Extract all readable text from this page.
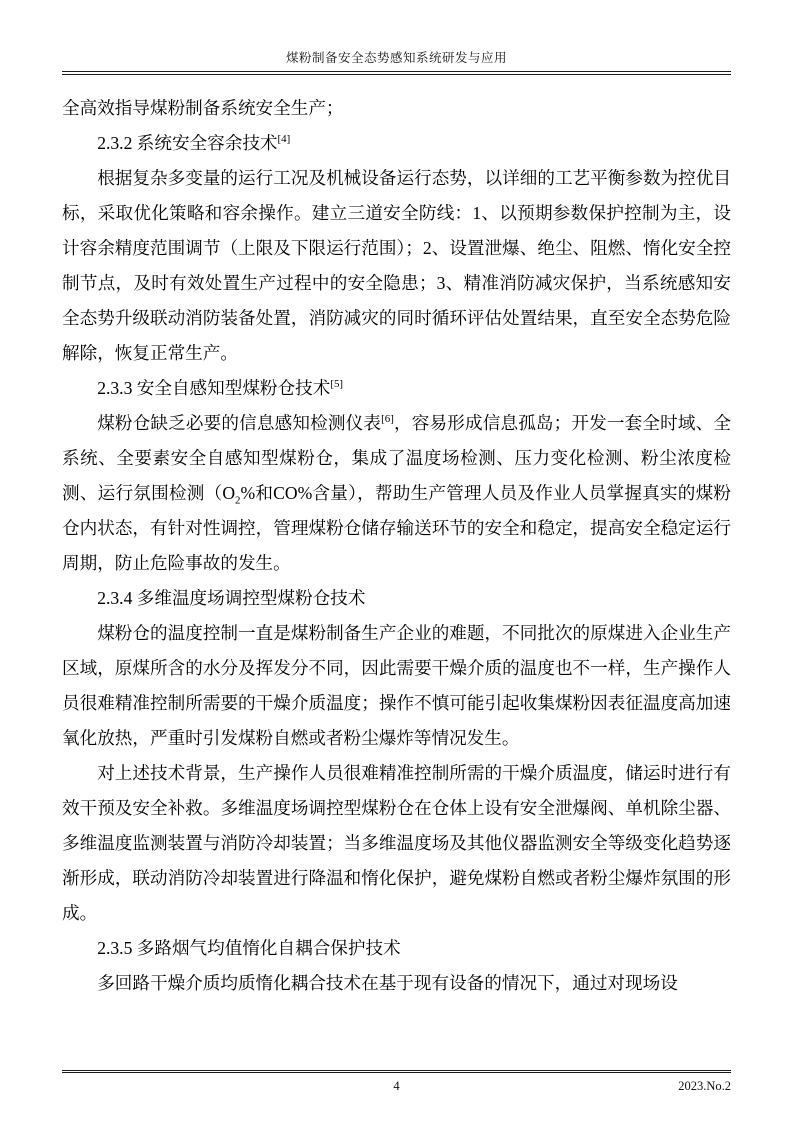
煤粉制备安全态势感知系统研发与应用

全高效指导煤粉制备系统安全生产；

2.3.2 系统安全容余技术[4]

根据复杂多变量的运行工况及机械设备运行态势，以详细的工艺平衡参数为控优目标，采取优化策略和容余操作。建立三道安全防线：1、以预期参数保护控制为主，设计容余精度范围调节（上限及下限运行范围）；2、设置泄爆、绝尘、阻燃、惰化安全控制节点，及时有效处置生产过程中的安全隐患；3、精准消防减灾保护，当系统感知安全态势升级联动消防装备处置，消防减灾的同时循环评估处置结果，直至安全态势危险解除，恢复正常生产。

2.3.3 安全自感知型煤粉仓技术[5]

煤粉仓缺乏必要的信息感知检测仪表[6]，容易形成信息孤岛；开发一套全时域、全系统、全要素安全自感知型煤粉仓，集成了温度场检测、压力变化检测、粉尘浓度检测、运行氛围检测（$O_2\%$和CO%含量），帮助生产管理人员及作业人员掌握真实的煤粉仓内状态，有针对性调控，管理煤粉仓储存输送环节的安全和稳定，提高安全稳定运行周期，防止危险事故的发生。

2.3.4 多维温度场调控型煤粉仓技术

煤粉仓的温度控制一直是煤粉制备生产企业的难题，不同批次的原煤进入企业生产区域，原煤所含的水分及挥发分不同，因此需要干燥介质的温度也不一样，生产操作人员很难精准控制所需要的干燥介质温度；操作不慎可能引起收集煤粉因表征温度高加速氧化放热，严重时引发煤粉自燃或者粉尘爆炸等情况发生。

对上述技术背景，生产操作人员很难精准控制所需的干燥介质温度，储运时进行有效干预及安全补救。多维温度场调控型煤粉仓在仓体上设有安全泄爆阀、单机除尘器、多维温度监测装置与消防冷却装置；当多维温度场及其他仪器监测安全等级变化趋势逐渐形成，联动消防冷却装置进行降温和惰化保护，避免煤粉自燃或者粉尘爆炸氛围的形成。

2.3.5 多路烟气均值惰化自耦合保护技术

多回路干燥介质均质惰化耦合技术在基于现有设备的情况下，通过对现场设

4	2023.No.2
